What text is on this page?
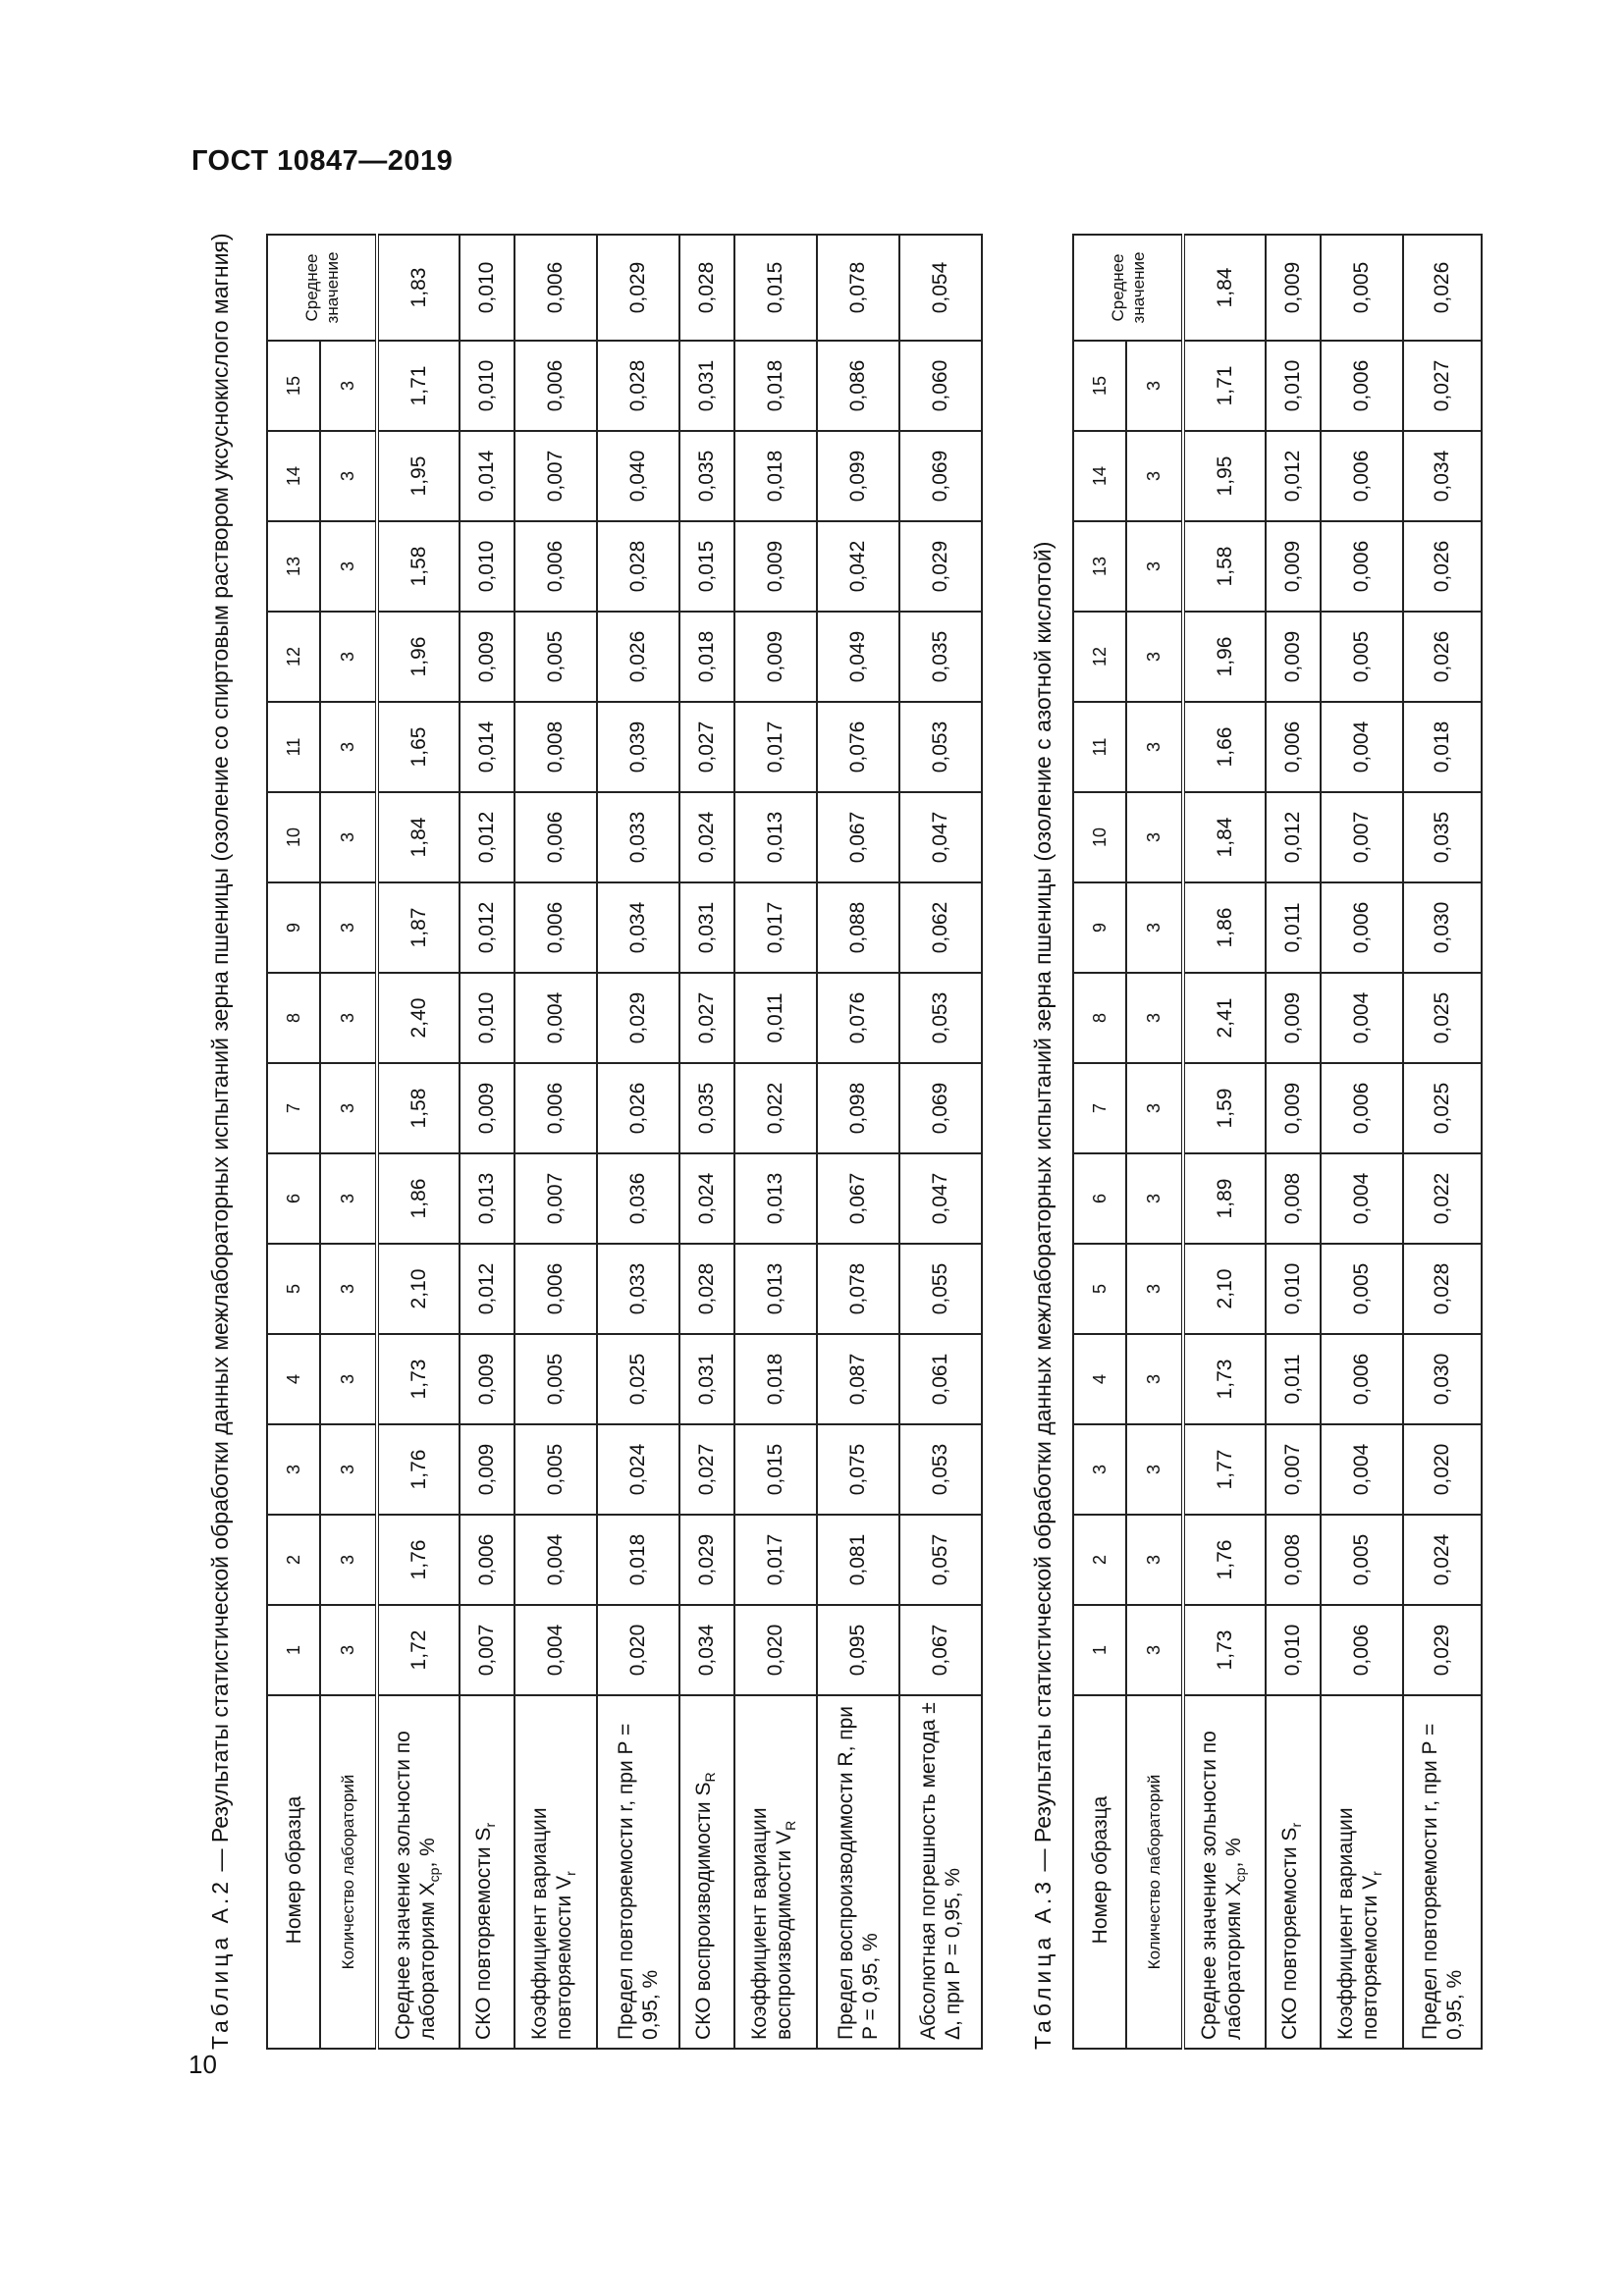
ГОСТ 10847—2019
10
Таблица А.2 — Результаты статистической обработки данных межлабораторных испытаний зерна пшеницы (озоление со спиртовым раствором уксуснокислого магния) Номер образца	1	2	3	4	5	6	7	8	9	10	11	12	13	14	15	Среднее значение
Количество лабораторий	3	3	3	3	3	3	3	3	3	3	3	3	3	3	3	
Среднее значение зольности по лабораториям $X_{ср}$, %	1,72	1,76	1,76	1,73	2,10	1,86	1,58	2,40	1,87	1,84	1,65	1,96	1,58	1,95	1,71	1,83
СКО повторяемости $S_r$	0,007	0,006	0,009	0,009	0,012	0,013	0,009	0,010	0,012	0,012	0,014	0,009	0,010	0,014	0,010	0,010
Коэффициент вариации повторяемости $V_r$	0,004	0,004	0,005	0,005	0,006	0,007	0,006	0,004	0,006	0,006	0,008	0,005	0,006	0,007	0,006	0,006
Предел повторяемости r, при P = 0,95, %	0,020	0,018	0,024	0,025	0,033	0,036	0,026	0,029	0,034	0,033	0,039	0,026	0,028	0,040	0,028	0,029
СКО воспроизводимости $S_R$	0,034	0,029	0,027	0,031	0,028	0,024	0,035	0,027	0,031	0,024	0,027	0,018	0,015	0,035	0,031	0,028
Коэффициент вариации воспроизводимости $V_R$	0,020	0,017	0,015	0,018	0,013	0,013	0,022	0,011	0,017	0,013	0,017	0,009	0,009	0,018	0,018	0,015
Предел воспроизводимости R, при P = 0,95, %	0,095	0,081	0,075	0,087	0,078	0,067	0,098	0,076	0,088	0,067	0,076	0,049	0,042	0,099	0,086	0,078
Абсолютная погрешность метода ± Δ, при P = 0,95, %	0,067	0,057	0,053	0,061	0,055	0,047	0,069	0,053	0,062	0,047	0,053	0,035	0,029	0,069	0,060	0,054
Таблица А.3 — Результаты статистической обработки данных межлабораторных испытаний зерна пшеницы (озоление с азотной кислотой) Номер образца	1	2	3	4	5	6	7	8	9	10	11	12	13	14	15	Среднее значение
Количество лабораторий	3	3	3	3	3	3	3	3	3	3	3	3	3	3	3	
Среднее значение зольности по лабораториям $X_{ср}$, %	1,73	1,76	1,77	1,73	2,10	1,89	1,59	2,41	1,86	1,84	1,66	1,96	1,58	1,95	1,71	1,84
СКО повторяемости $S_r$	0,010	0,008	0,007	0,011	0,010	0,008	0,009	0,009	0,011	0,012	0,006	0,009	0,009	0,012	0,010	0,009
Коэффициент вариации повторяемости $V_r$	0,006	0,005	0,004	0,006	0,005	0,004	0,006	0,004	0,006	0,007	0,004	0,005	0,006	0,006	0,006	0,005
Предел повторяемости r, при P = 0,95, %	0,029	0,024	0,020	0,030	0,028	0,022	0,025	0,025	0,030	0,035	0,018	0,026	0,026	0,034	0,027	0,026
